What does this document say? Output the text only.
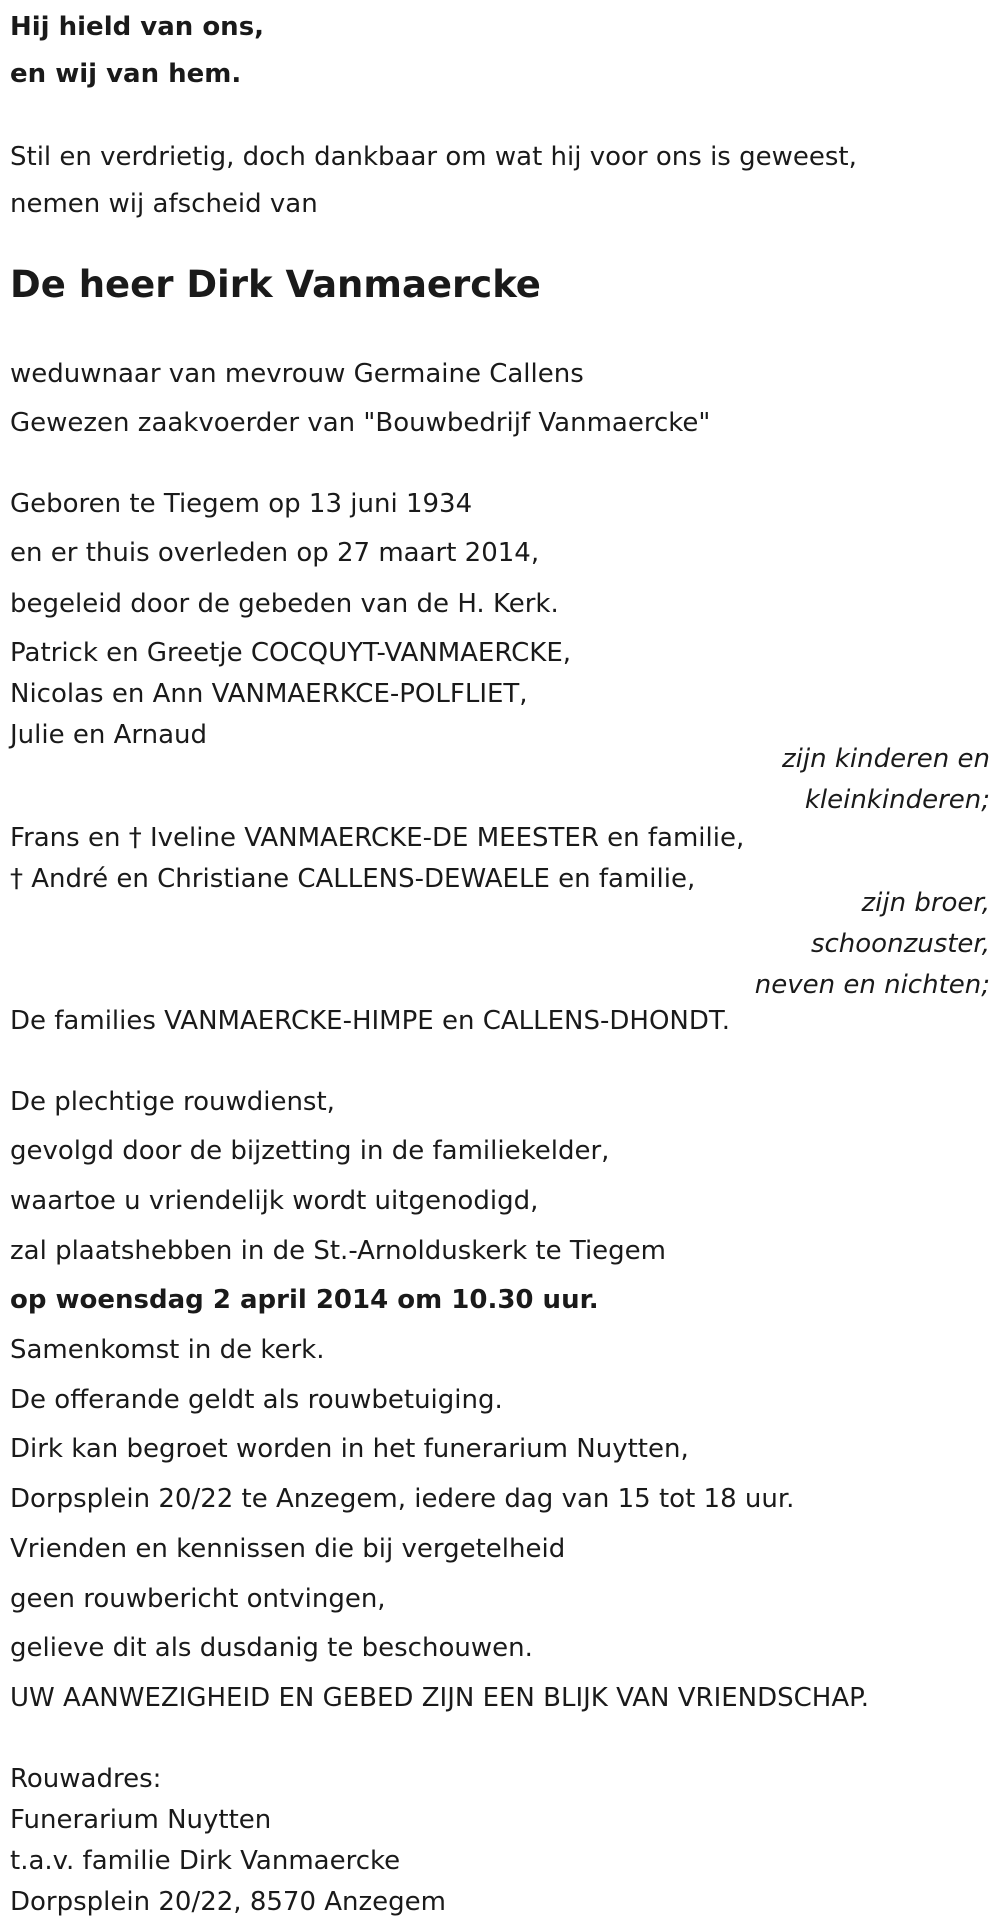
Hij hield van ons,

en wij van hem.

Stil en verdrietig, doch dankbaar om wat hij voor ons is geweest,

nemen wij afscheid van

De heer Dirk Vanmaercke

weduwnaar van mevrouw Germaine Callens

Gewezen zaakvoerder van "Bouwbedrijf Vanmaercke"

Geboren te Tiegem op 13 juni 1934

en er thuis overleden op 27 maart 2014,

begeleid door de gebeden van de H. Kerk.

Patrick en Greetje COCQUYT-VANMAERCKE,

Nicolas en Ann VANMAERKCE-POLFLIET,

Julie en Arnaud

zijn kinderen en

kleinkinderen;

Frans en † Iveline VANMAERCKE-DE MEESTER en familie,

† André en Christiane CALLENS-DEWAELE en familie,

zijn broer,

schoonzuster,

neven en nichten;

De families VANMAERCKE-HIMPE en CALLENS-DHONDT.

De plechtige rouwdienst,

gevolgd door de bijzetting in de familiekelder,

waartoe u vriendelijk wordt uitgenodigd,

zal plaatshebben in de St.-Arnolduskerk te Tiegem

op woensdag 2 april 2014 om 10.30 uur.

Samenkomst in de kerk.

De offerande geldt als rouwbetuiging.

Dirk kan begroet worden in het funerarium Nuytten,

Dorpsplein 20/22 te Anzegem, iedere dag van 15 tot 18 uur.

Vrienden en kennissen die bij vergetelheid

geen rouwbericht ontvingen,

gelieve dit als dusdanig te beschouwen.

UW AANWEZIGHEID EN GEBED ZIJN EEN BLIJK VAN VRIENDSCHAP.

Rouwadres:

Funerarium Nuytten

t.a.v. familie Dirk Vanmaercke

Dorpsplein 20/22, 8570 Anzegem
